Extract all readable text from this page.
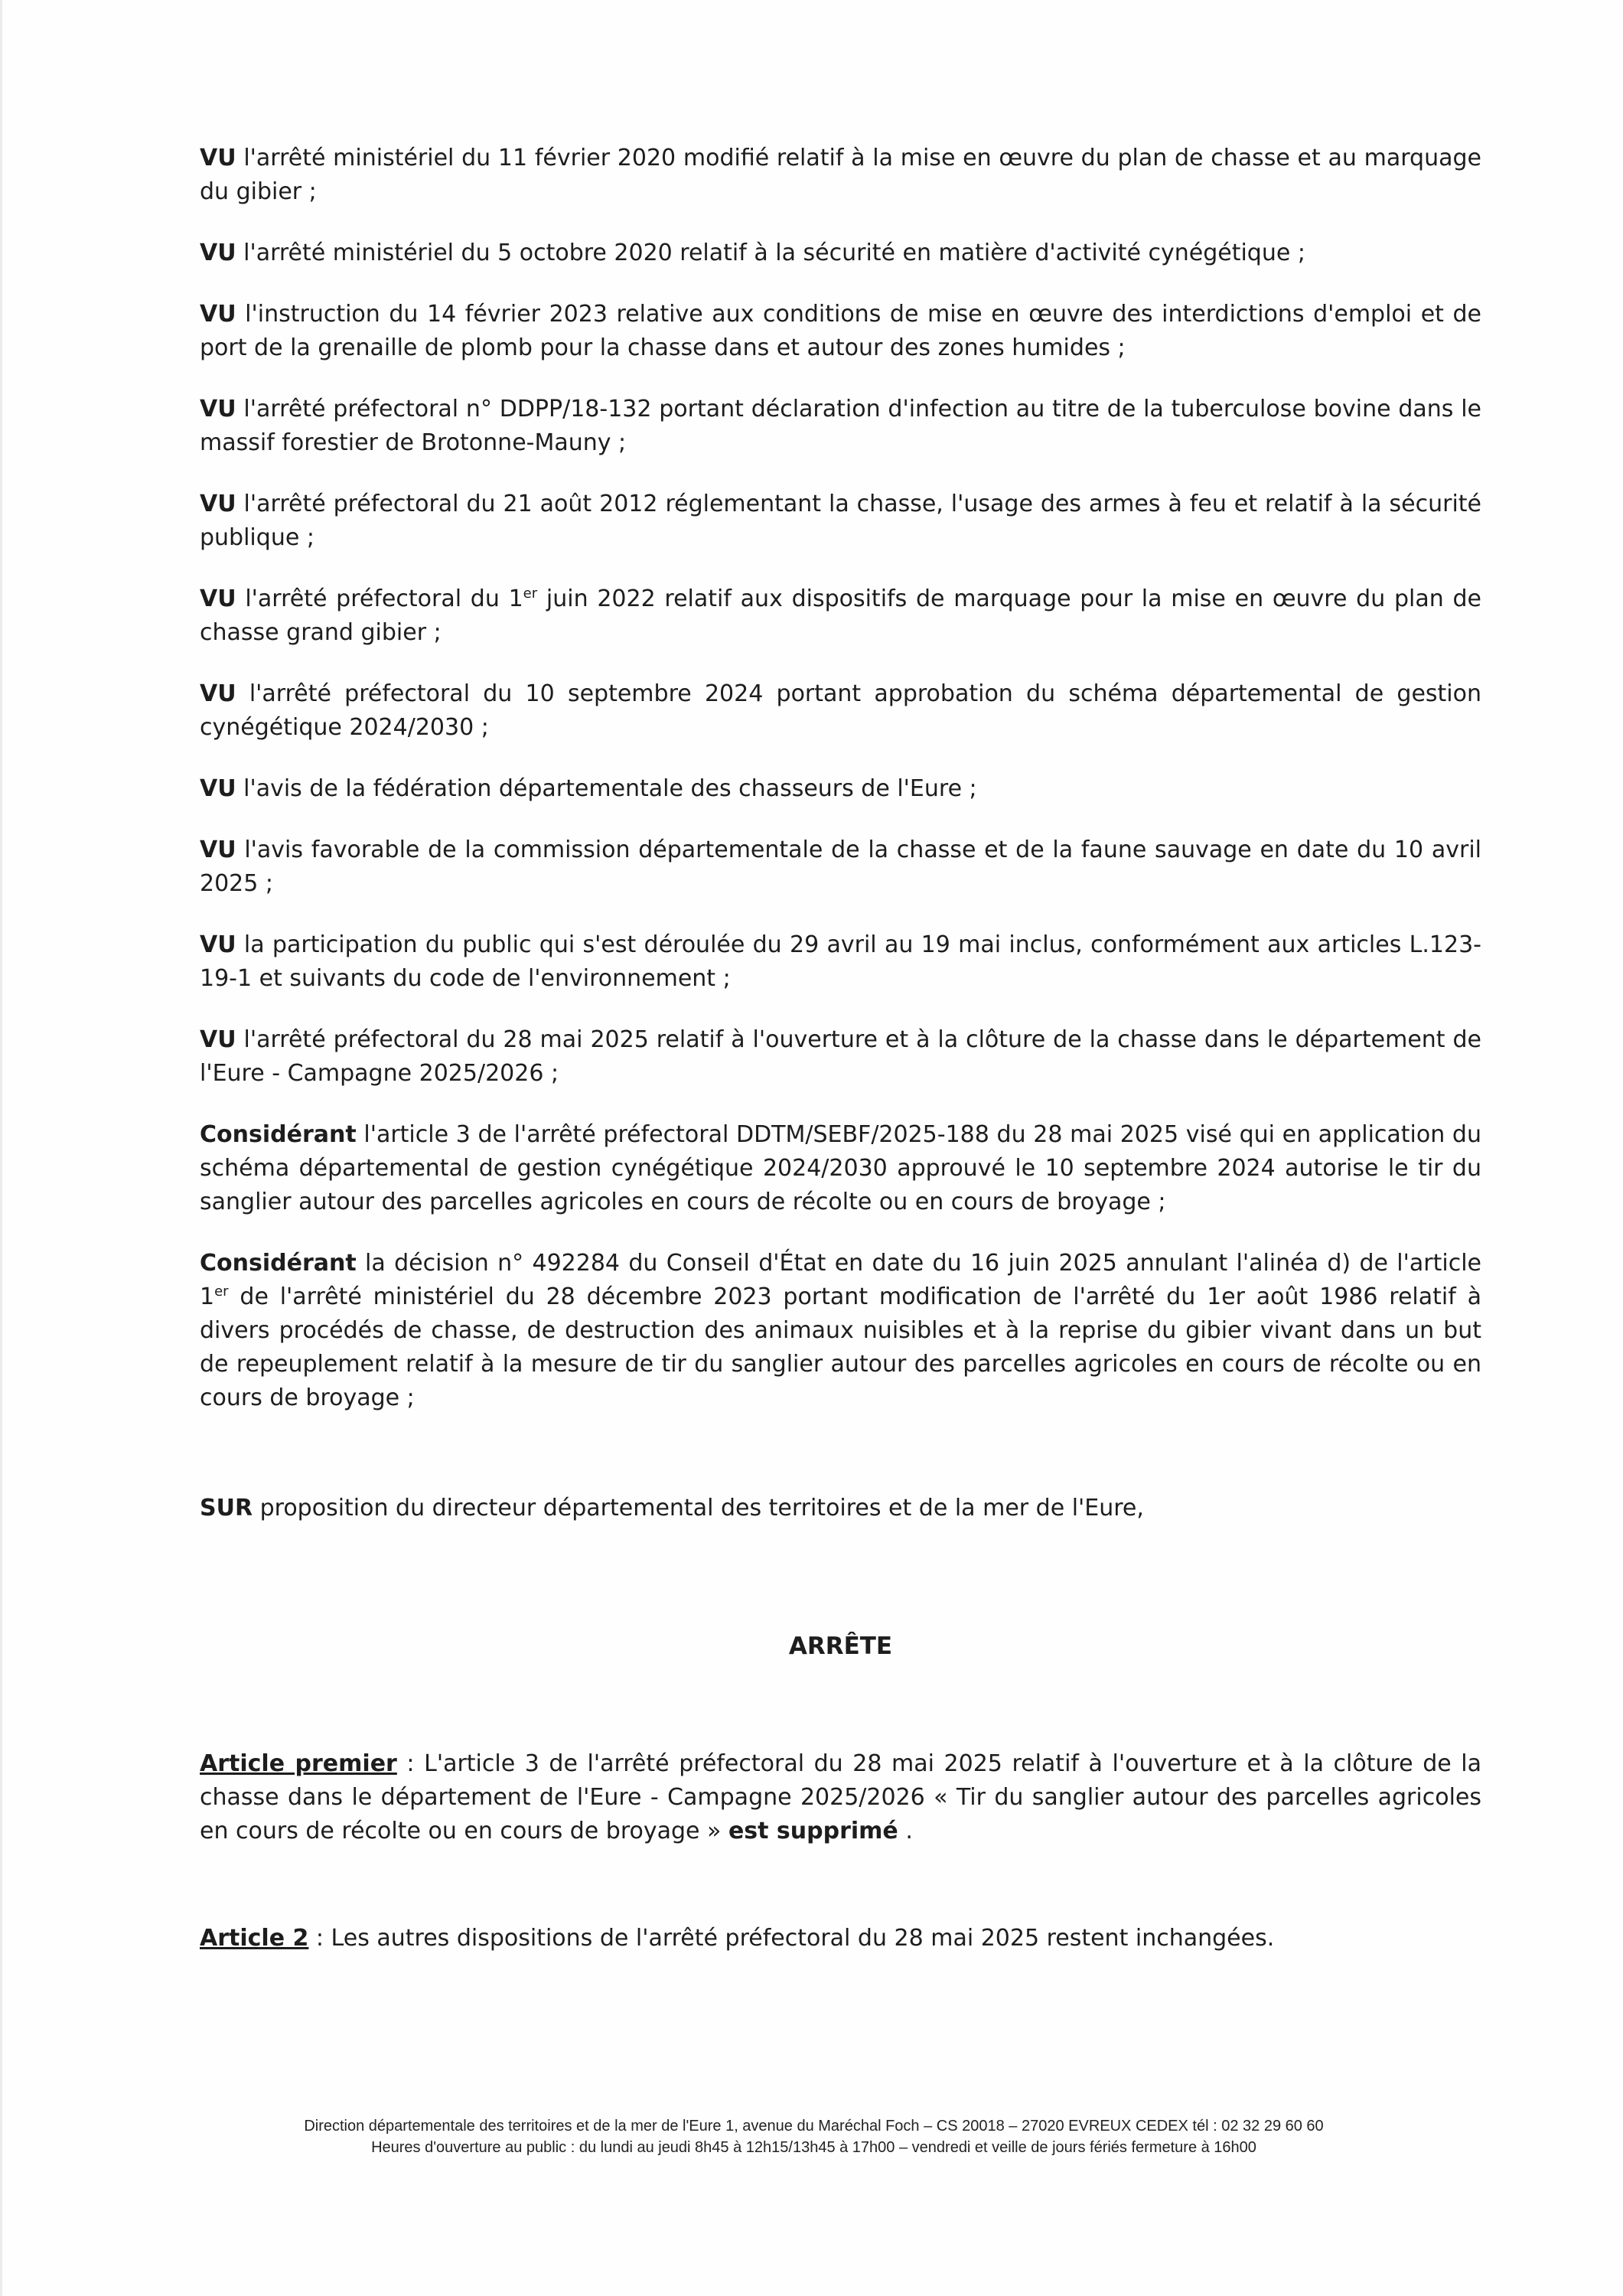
VU l'arrêté ministériel du 11 février 2020 modifié relatif à la mise en œuvre du plan de chasse et au marquage du gibier ;

VU l'arrêté ministériel du 5 octobre 2020 relatif à la sécurité en matière d'activité cynégétique ;

VU l'instruction du 14 février 2023 relative aux conditions de mise en œuvre des interdictions d'emploi et de port de la grenaille de plomb pour la chasse dans et autour des zones humides ;

VU l'arrêté préfectoral n° DDPP/18-132 portant déclaration d'infection au titre de la tuberculose bovine dans le massif forestier de Brotonne-Mauny ;

VU l'arrêté préfectoral du 21 août 2012 réglementant la chasse, l'usage des armes à feu et relatif à la sécurité publique ;

VU l'arrêté préfectoral du 1er juin 2022 relatif aux dispositifs de marquage pour la mise en œuvre du plan de chasse grand gibier ;

VU l'arrêté préfectoral du 10 septembre 2024 portant approbation du schéma départemental de gestion cynégétique 2024/2030 ;

VU l'avis de la fédération départementale des chasseurs de l'Eure ;

VU l'avis favorable de la commission départementale de la chasse et de la faune sauvage en date du 10 avril 2025 ;

VU la participation du public qui s'est déroulée du 29 avril au 19 mai inclus, conformément aux articles L.123-19-1 et suivants du code de l'environnement ;

VU l'arrêté préfectoral du 28 mai 2025 relatif à l'ouverture et à la clôture de la chasse dans le département de l'Eure - Campagne 2025/2026 ;

Considérant l'article 3 de l'arrêté préfectoral DDTM/SEBF/2025-188 du 28 mai 2025 visé qui en application du schéma départemental de gestion cynégétique 2024/2030 approuvé le 10 septembre 2024 autorise le tir du sanglier autour des parcelles agricoles en cours de récolte ou en cours de broyage ;

Considérant la décision n° 492284 du Conseil d'État en date du 16 juin 2025 annulant l'alinéa d) de l'article 1er de l'arrêté ministériel du 28 décembre 2023 portant modification de l'arrêté du 1er août 1986 relatif à divers procédés de chasse, de destruction des animaux nuisibles et à la reprise du gibier vivant dans un but de repeuplement relatif à la mesure de tir du sanglier autour des parcelles agricoles en cours de récolte ou en cours de broyage ;

SUR proposition du directeur départemental des territoires et de la mer de l'Eure,

ARRÊTE

Article premier : L'article 3 de l'arrêté préfectoral du 28 mai 2025 relatif à l'ouverture et à la clôture de la chasse dans le département de l'Eure - Campagne 2025/2026 « Tir du sanglier autour des parcelles agricoles en cours de récolte ou en cours de broyage » est supprimé .

Article 2 : Les autres dispositions de l'arrêté préfectoral du 28 mai 2025 restent inchangées.

Direction départementale des territoires et de la mer de l'Eure 1, avenue du Maréchal Foch – CS 20018 – 27020 EVREUX CEDEX tél : 02 32 29 60 60
Heures d'ouverture au public : du lundi au jeudi 8h45 à 12h15/13h45 à 17h00 – vendredi et veille de jours fériés fermeture à 16h00
